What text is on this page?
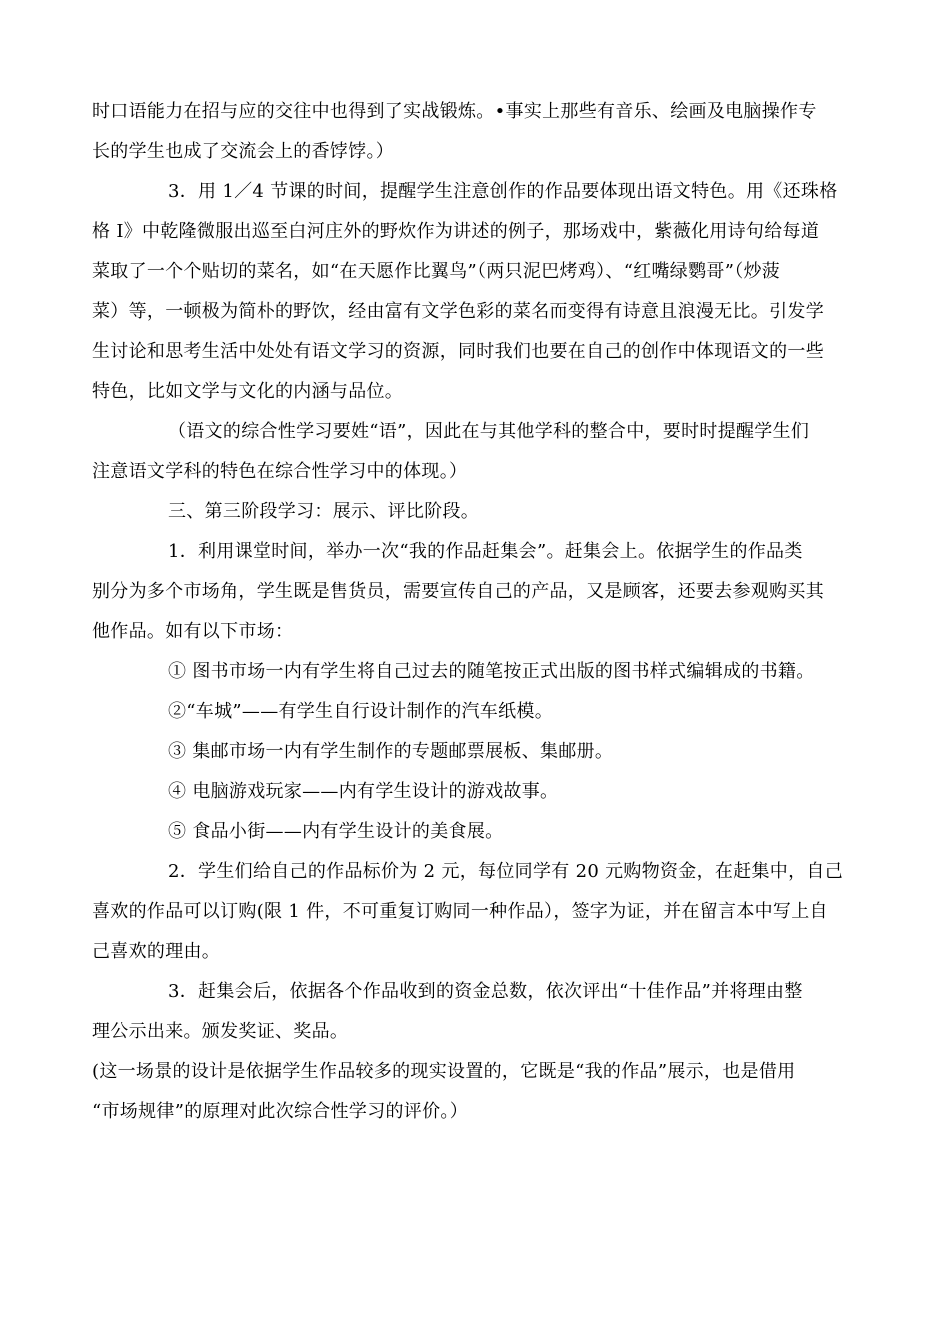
时口语能力在招与应的交往中也得到了实战锻炼。•事实上那些有音乐、绘画及电脑操作专
长的学生也成了交流会上的香饽饽。）
3．用 1／4 节课的时间，提醒学生注意创作的作品要体现出语文特色。用《还珠格
格 I》中乾隆微服出巡至白河庄外的野炊作为讲述的例子，那场戏中，紫薇化用诗句给每道
菜取了一个个贴切的菜名，如“在天愿作比翼鸟”（两只泥巴烤鸡）、“红嘴绿鹦哥”（炒菠
菜）等，一顿极为简朴的野饮，经由富有文学色彩的菜名而变得有诗意且浪漫无比。引发学
生讨论和思考生活中处处有语文学习的资源，同时我们也要在自己的创作中体现语文的一些
特色，比如文学与文化的内涵与品位。
（语文的综合性学习要姓“语”，因此在与其他学科的整合中，要时时提醒学生们
注意语文学科的特色在综合性学习中的体现。）
三、第三阶段学习：展示、评比阶段。
1．利用课堂时间，举办一次“我的作品赶集会”。赶集会上。依据学生的作品类
别分为多个市场角，学生既是售货员，需要宣传自己的产品，又是顾客，还要去参观购买其
他作品。如有以下市场：
① 图书市场一内有学生将自己过去的随笔按正式出版的图书样式编辑成的书籍。
②“车城”——有学生自行设计制作的汽车纸模。
③ 集邮市场一内有学生制作的专题邮票展板、集邮册。
④ 电脑游戏玩家——内有学生设计的游戏故事。
⑤ 食品小街——内有学生设计的美食展。
2．学生们给自己的作品标价为 2 元，每位同学有 20 元购物资金，在赶集中，自己
喜欢的作品可以订购(限 1 件，不可重复订购同一种作品），签字为证，并在留言本中写上自
己喜欢的理由。
3．赶集会后，依据各个作品收到的资金总数，依次评出“十佳作品”并将理由整
理公示出来。颁发奖证、奖品。
(这一场景的设计是依据学生作品较多的现实设置的，它既是“我的作品”展示，也是借用
“市场规律”的原理对此次综合性学习的评价。）
